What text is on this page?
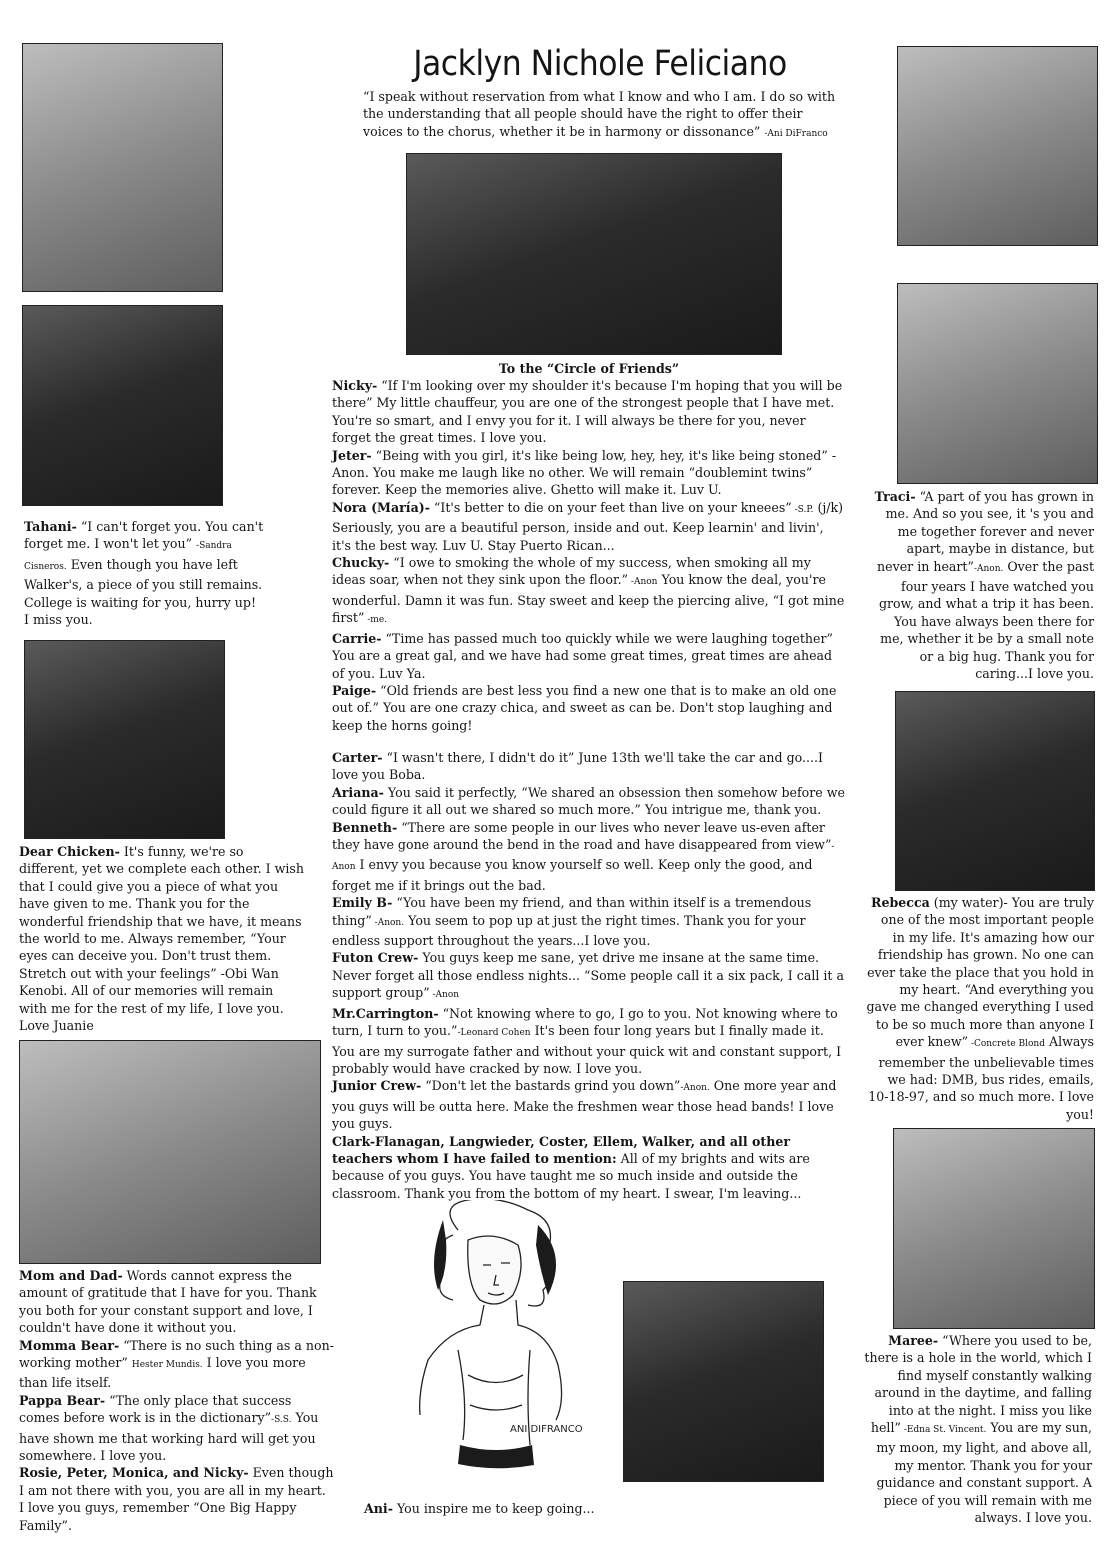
Jacklyn Nichole Feliciano
“I speak without reservation from what I know and who I am. I do so with the understanding that all people should have the right to offer their voices to the chorus, whether it be in harmony or dissonance” -Ani DiFranco
ANI DIFRANCO
Tahani- “I can't forget you. You can't forget me. I won't let you” -Sandra Cisneros. Even though you have left Walker's, a piece of you still remains. College is waiting for you, hurry up! I miss you.
Dear Chicken- It's funny, we're so different, yet we complete each other. I wish that I could give you a piece of what you have given to me. Thank you for the wonderful friendship that we have, it means the world to me. Always remember, “Your eyes can deceive you. Don't trust them. Stretch out with your feelings” -Obi Wan Kenobi. All of our memories will remain with me for the rest of my life, I love you. Love Juanie

Mom and Dad- Words cannot express the amount of gratitude that I have for you. Thank you both for your constant support and love, I couldn't have done it without you.

Momma Bear- “There is no such thing as a non-working mother” Hester Mundis. I love you more than life itself.

Pappa Bear- “The only place that success comes before work is in the dictionary”-S.S. You have shown me that working hard will get you somewhere. I love you.

Rosie, Peter, Monica, and Nicky- Even though I am not there with you, you are all in my heart. I love you guys, remember “One Big Happy Family”.

To the “Circle of Friends”

Nicky- “If I'm looking over my shoulder it's because I'm hoping that you will be there” My little chauffeur, you are one of the strongest people that I have met. You're so smart, and I envy you for it. I will always be there for you, never forget the great times. I love you.

Jeter- “Being with you girl, it's like being low, hey, hey, it's like being stoned” -Anon. You make me laugh like no other. We will remain “doublemint twins” forever. Keep the memories alive. Ghetto will make it. Luv U.

Nora (María)- “It's better to die on your feet than live on your kneees” -S.P. (j/k) Seriously, you are a beautiful person, inside and out. Keep learnin' and livin', it's the best way. Luv U. Stay Puerto Rican...

Chucky- “I owe to smoking the whole of my success, when smoking all my ideas soar, when not they sink upon the floor.” -Anon You know the deal, you're wonderful. Damn it was fun. Stay sweet and keep the piercing alive, “I got mine first” -me.

Carrie- “Time has passed much too quickly while we were laughing together” You are a great gal, and we have had some great times, great times are ahead of you. Luv Ya.

Paige- “Old friends are best less you find a new one that is to make an old one out of.” You are one crazy chica, and sweet as can be. Don't stop laughing and keep the horns going!

Carter- “I wasn't there, I didn't do it” June 13th we'll take the car and go....I love you Boba.

Ariana- You said it perfectly, “We shared an obsession then somehow before we could figure it all out we shared so much more.” You intrigue me, thank you.

Benneth- “There are some people in our lives who never leave us-even after they have gone around the bend in the road and have disappeared from view”-Anon I envy you because you know yourself so well. Keep only the good, and forget me if it brings out the bad.

Emily B- “You have been my friend, and than within itself is a tremendous thing” -Anon. You seem to pop up at just the right times. Thank you for your endless support throughout the years...I love you.

Futon Crew- You guys keep me sane, yet drive me insane at the same time. Never forget all those endless nights... “Some people call it a six pack, I call it a support group” -Anon

Mr.Carrington- “Not knowing where to go, I go to you. Not knowing where to turn, I turn to you.”-Leonard Cohen It's been four long years but I finally made it. You are my surrogate father and without your quick wit and constant support, I probably would have cracked by now. I love you.

Junior Crew- “Don't let the bastards grind you down”-Anon. One more year and you guys will be outta here. Make the freshmen wear those head bands! I love you guys.

Clark-Flanagan, Langwieder, Coster, Ellem, Walker, and all other teachers whom I have failed to mention: All of my brights and wits are because of you guys. You have taught me so much inside and outside the classroom. Thank you from the bottom of my heart. I swear, I'm leaving...

Ani- You inspire me to keep going...
Traci- “A part of you has grown in me. And so you see, it 's you and me together forever and never apart, maybe in distance, but never in heart”-Anon. Over the past four years I have watched you grow, and what a trip it has been. You have always been there for me, whether it be by a small note or a big hug. Thank you for caring...I love you.
Rebecca (my water)- You are truly one of the most important people in my life. It's amazing how our friendship has grown. No one can ever take the place that you hold in my heart. “And everything you gave me changed everything I used to be so much more than anyone I ever knew” -Concrete Blond Always remember the unbelievable times we had: DMB, bus rides, emails, 10-18-97, and so much more. I love you!
Maree- “Where you used to be, there is a hole in the world, which I find myself constantly walking around in the daytime, and falling into at the night. I miss you like hell” -Edna St. Vincent. You are my sun, my moon, my light, and above all, my mentor. Thank you for your guidance and constant support. A piece of you will remain with me always. I love you.
